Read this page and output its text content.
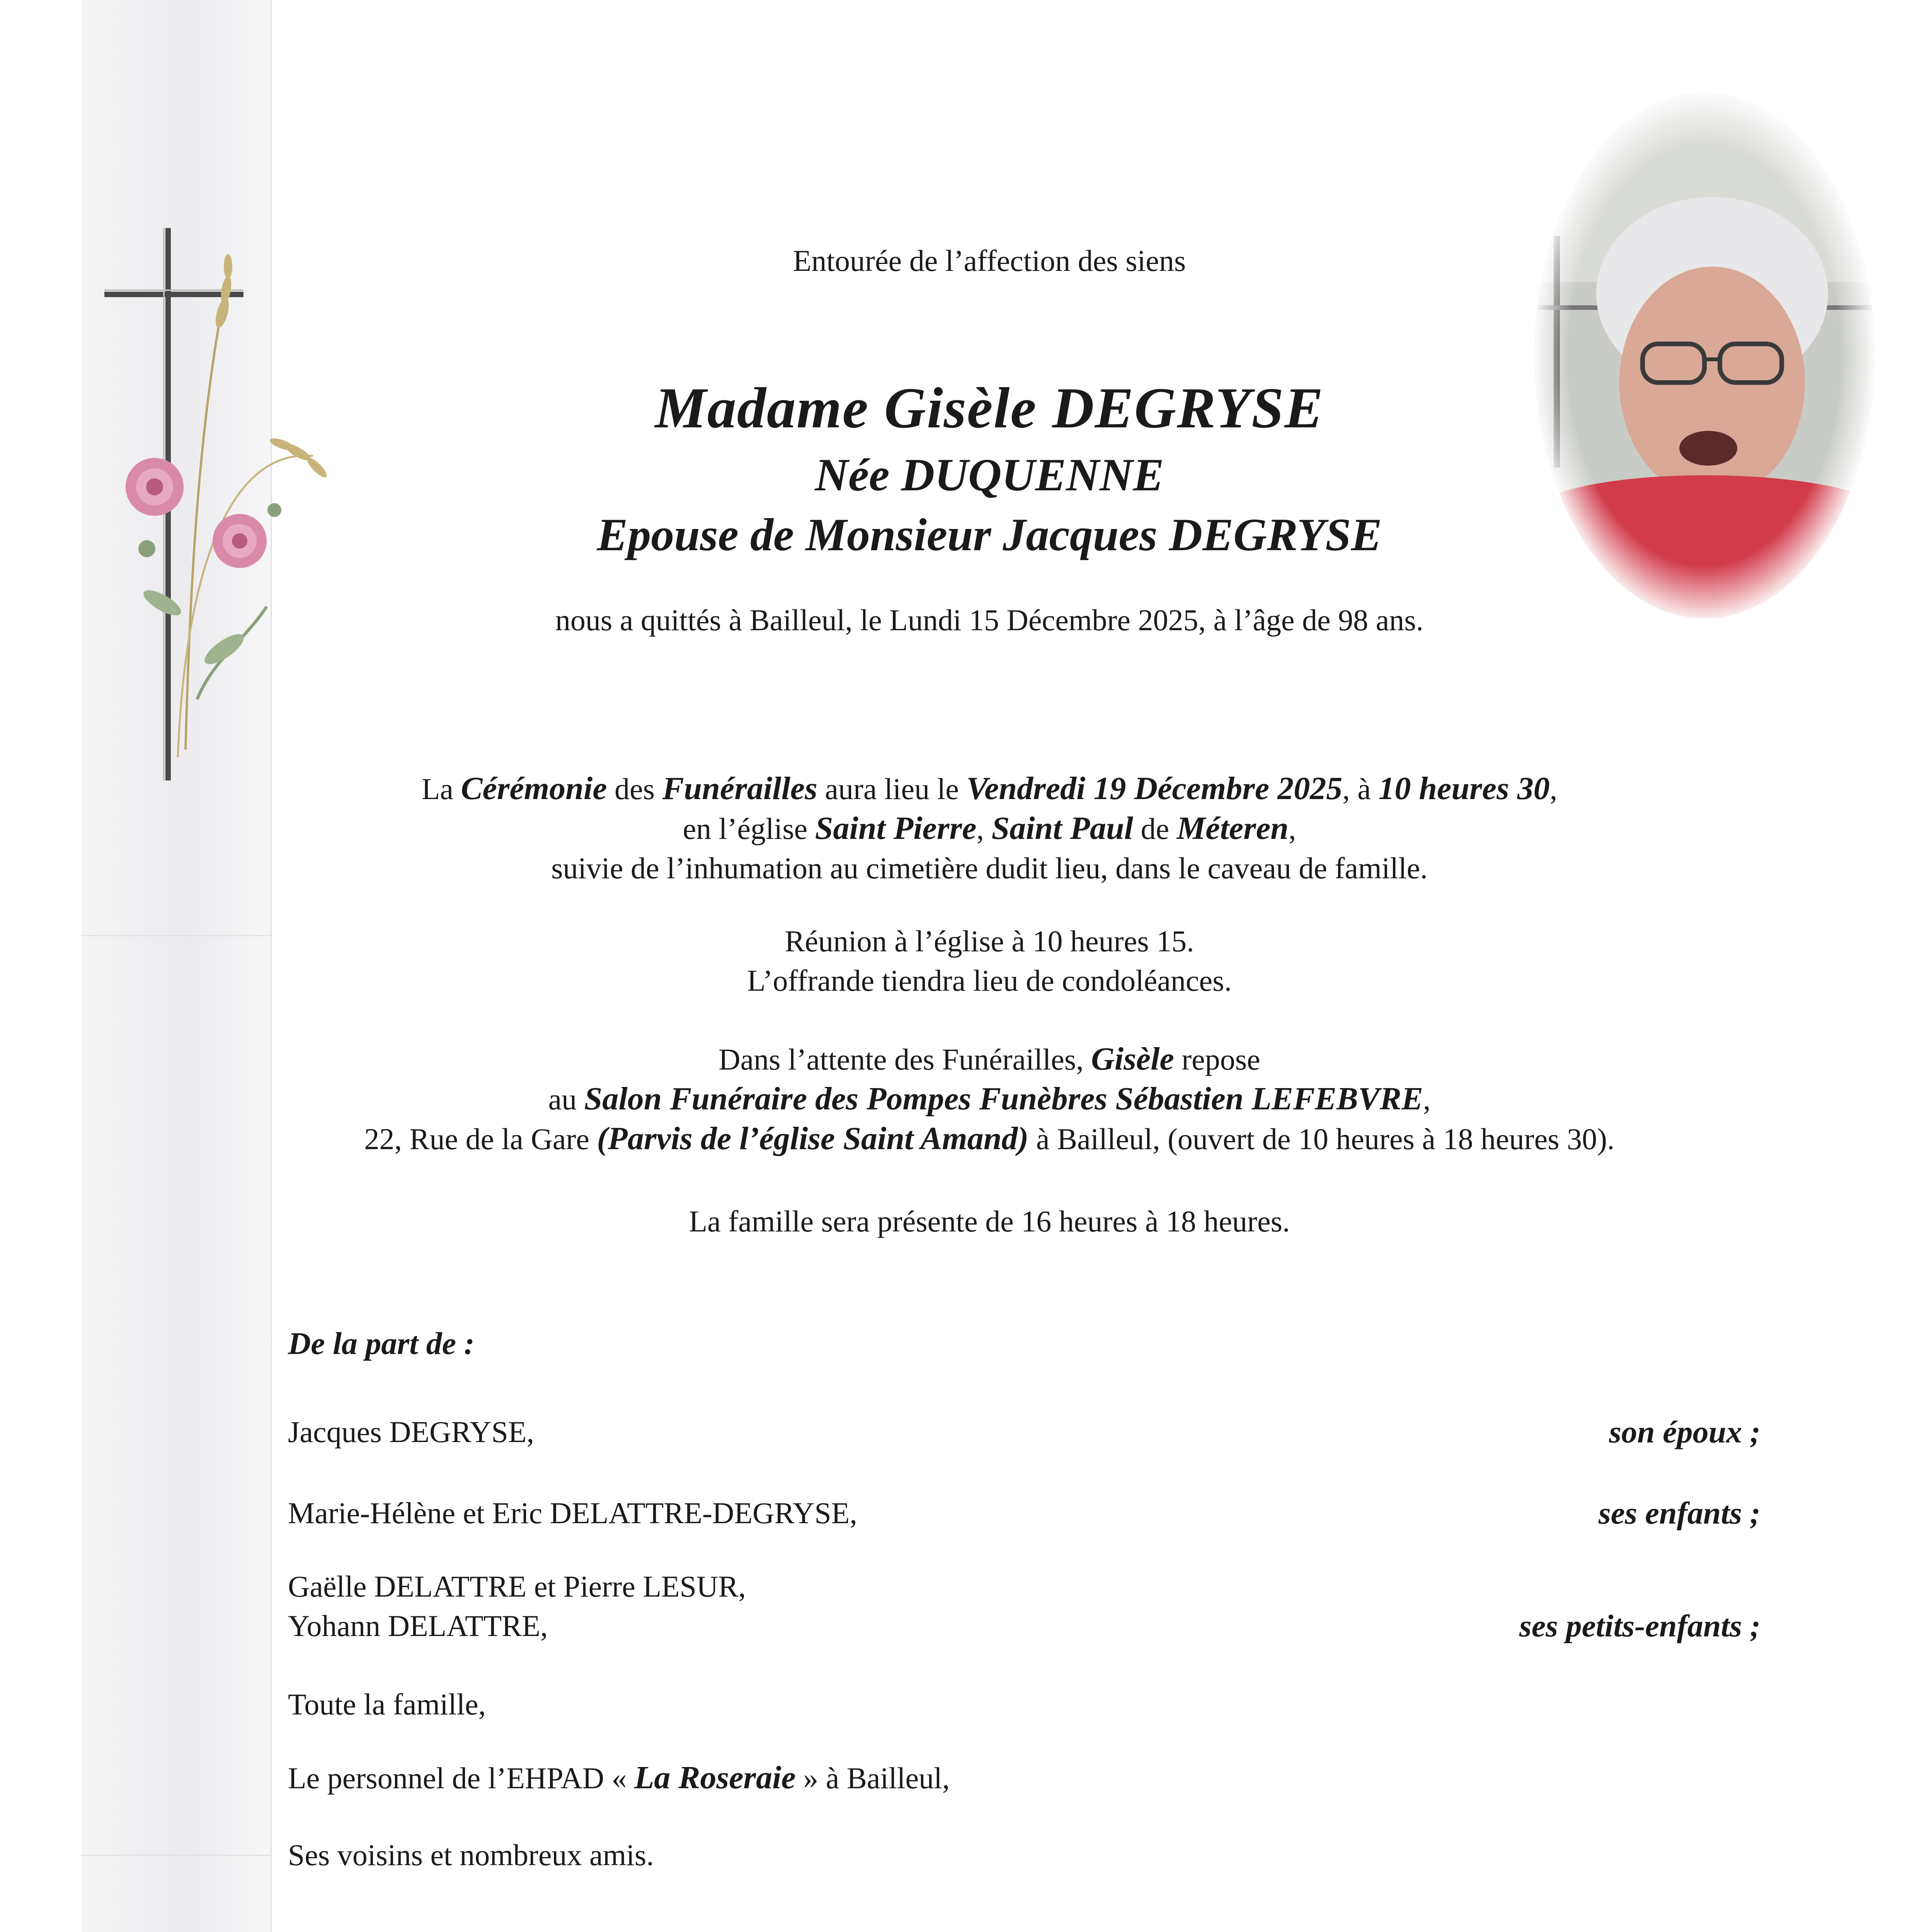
Entourée de l’affection des siens
Madame Gisèle DEGRYSE
Née DUQUENNE
Epouse de Monsieur Jacques DEGRYSE
nous a quittés à Bailleul, le Lundi 15 Décembre 2025, à l’âge de 98 ans.
La Cérémonie des Funérailles aura lieu le Vendredi 19 Décembre 2025, à 10 heures 30,
en l’église Saint Pierre, Saint Paul de Méteren,
suivie de l’inhumation au cimetière dudit lieu, dans le caveau de famille.
Réunion à l’église à 10 heures 15.
L’offrande tiendra lieu de condoléances.
Dans l’attente des Funérailles, Gisèle repose
au Salon Funéraire des Pompes Funèbres Sébastien LEFEBVRE,
22, Rue de la Gare (Parvis de l’église Saint Amand) à Bailleul, (ouvert de 10 heures à 18 heures 30).
La famille sera présente de 16 heures à 18 heures.
De la part de :
Jacques DEGRYSE,	son époux ;
Marie-Hélène et Eric DELATTRE-DEGRYSE,	ses enfants ;
Gaëlle DELATTRE et Pierre LESUR,
Yohann DELATTRE,	ses petits-enfants ;
Toute la famille,
Le personnel de l’EHPAD « La Roseraie » à Bailleul,
Ses voisins et nombreux amis.
